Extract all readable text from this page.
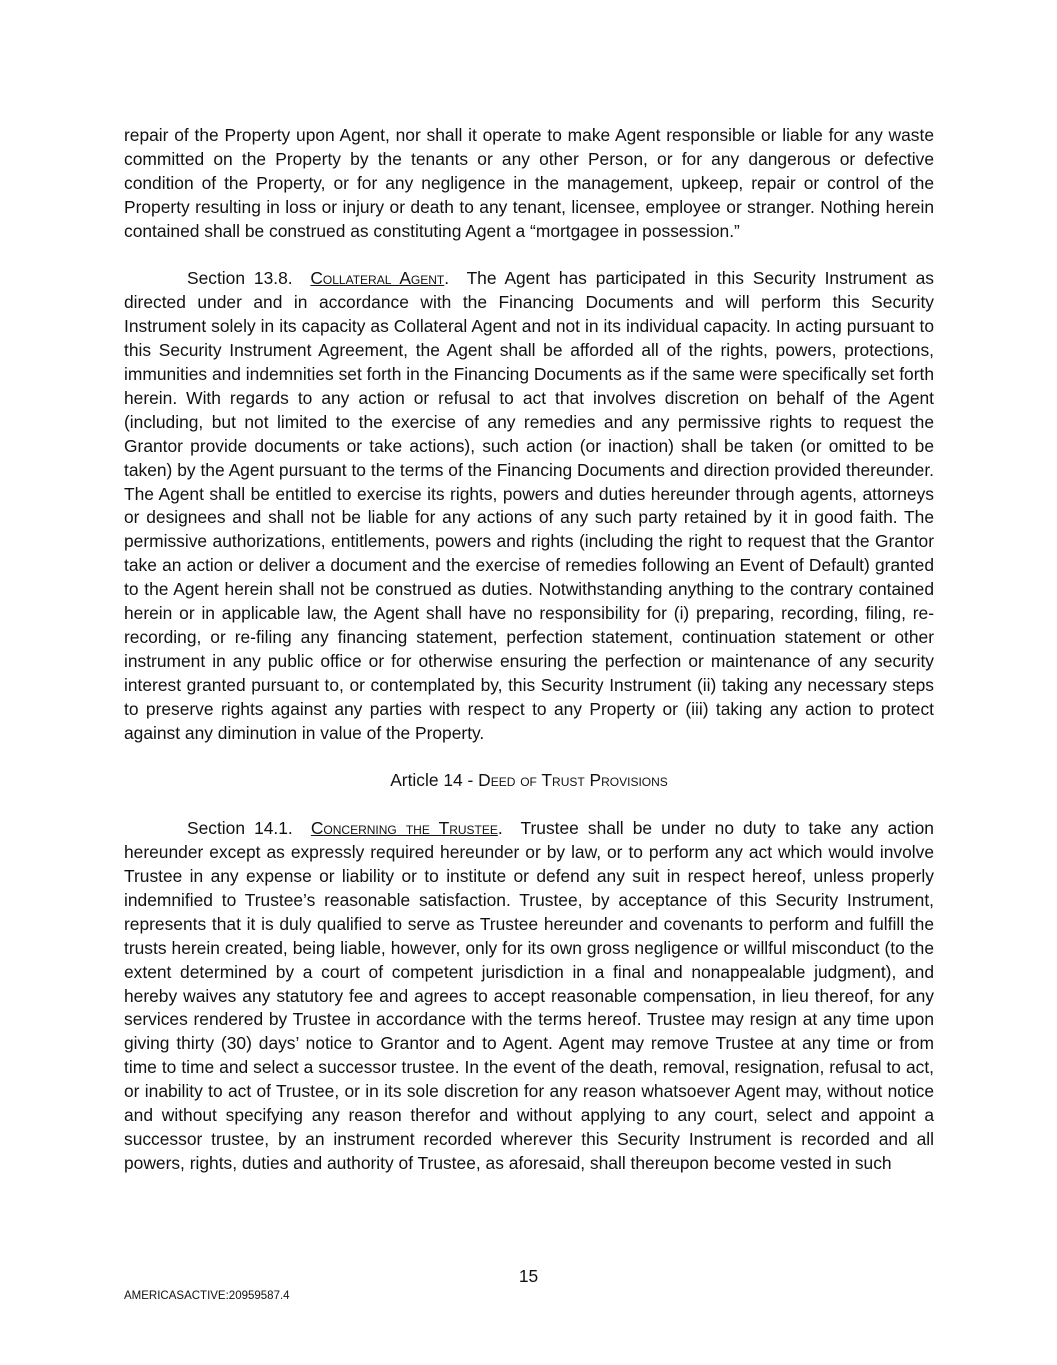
repair of the Property upon Agent, nor shall it operate to make Agent responsible or liable for any waste committed on the Property by the tenants or any other Person, or for any dangerous or defective condition of the Property, or for any negligence in the management, upkeep, repair or control of the Property resulting in loss or injury or death to any tenant, licensee, employee or stranger. Nothing herein contained shall be construed as constituting Agent a “mortgagee in possession.”

Section 13.8. Collateral Agent.  The Agent has participated in this Security Instrument as directed under and in accordance with the Financing Documents and will perform this Security Instrument solely in its capacity as Collateral Agent and not in its individual capacity. In acting pursuant to this Security Instrument Agreement, the Agent shall be afforded all of the rights, powers, protections, immunities and indemnities set forth in the Financing Documents as if the same were specifically set forth herein. With regards to any action or refusal to act that involves discretion on behalf of the Agent (including, but not limited to the exercise of any remedies and any permissive rights to request the Grantor provide documents or take actions), such action (or inaction) shall be taken (or omitted to be taken) by the Agent pursuant to the terms of the Financing Documents and direction provided thereunder. The Agent shall be entitled to exercise its rights, powers and duties hereunder through agents, attorneys or designees and shall not be liable for any actions of any such party retained by it in good faith. The permissive authorizations, entitlements, powers and rights (including the right to request that the Grantor take an action or deliver a document and the exercise of remedies following an Event of Default) granted to the Agent herein shall not be construed as duties. Notwithstanding anything to the contrary contained herein or in applicable law, the Agent shall have no responsibility for (i) preparing, recording, filing, re-recording, or re-filing any financing statement, perfection statement, continuation statement or other instrument in any public office or for otherwise ensuring the perfection or maintenance of any security interest granted pursuant to, or contemplated by, this Security Instrument (ii) taking any necessary steps to preserve rights against any parties with respect to any Property or (iii) taking any action to protect against any diminution in value of the Property.

Article 14 - Deed of Trust Provisions

Section 14.1. Concerning the Trustee.  Trustee shall be under no duty to take any action hereunder except as expressly required hereunder or by law, or to perform any act which would involve Trustee in any expense or liability or to institute or defend any suit in respect hereof, unless properly indemnified to Trustee’s reasonable satisfaction. Trustee, by acceptance of this Security Instrument, represents that it is duly qualified to serve as Trustee hereunder and covenants to perform and fulfill the trusts herein created, being liable, however, only for its own gross negligence or willful misconduct (to the extent determined by a court of competent jurisdiction in a final and nonappealable judgment), and hereby waives any statutory fee and agrees to accept reasonable compensation, in lieu thereof, for any services rendered by Trustee in accordance with the terms hereof. Trustee may resign at any time upon giving thirty (30) days’ notice to Grantor and to Agent. Agent may remove Trustee at any time or from time to time and select a successor trustee. In the event of the death, removal, resignation, refusal to act, or inability to act of Trustee, or in its sole discretion for any reason whatsoever Agent may, without notice and without specifying any reason therefor and without applying to any court, select and appoint a successor trustee, by an instrument recorded wherever this Security Instrument is recorded and all powers, rights, duties and authority of Trustee, as aforesaid, shall thereupon become vested in such

15
AMERICASACTIVE:20959587.4
